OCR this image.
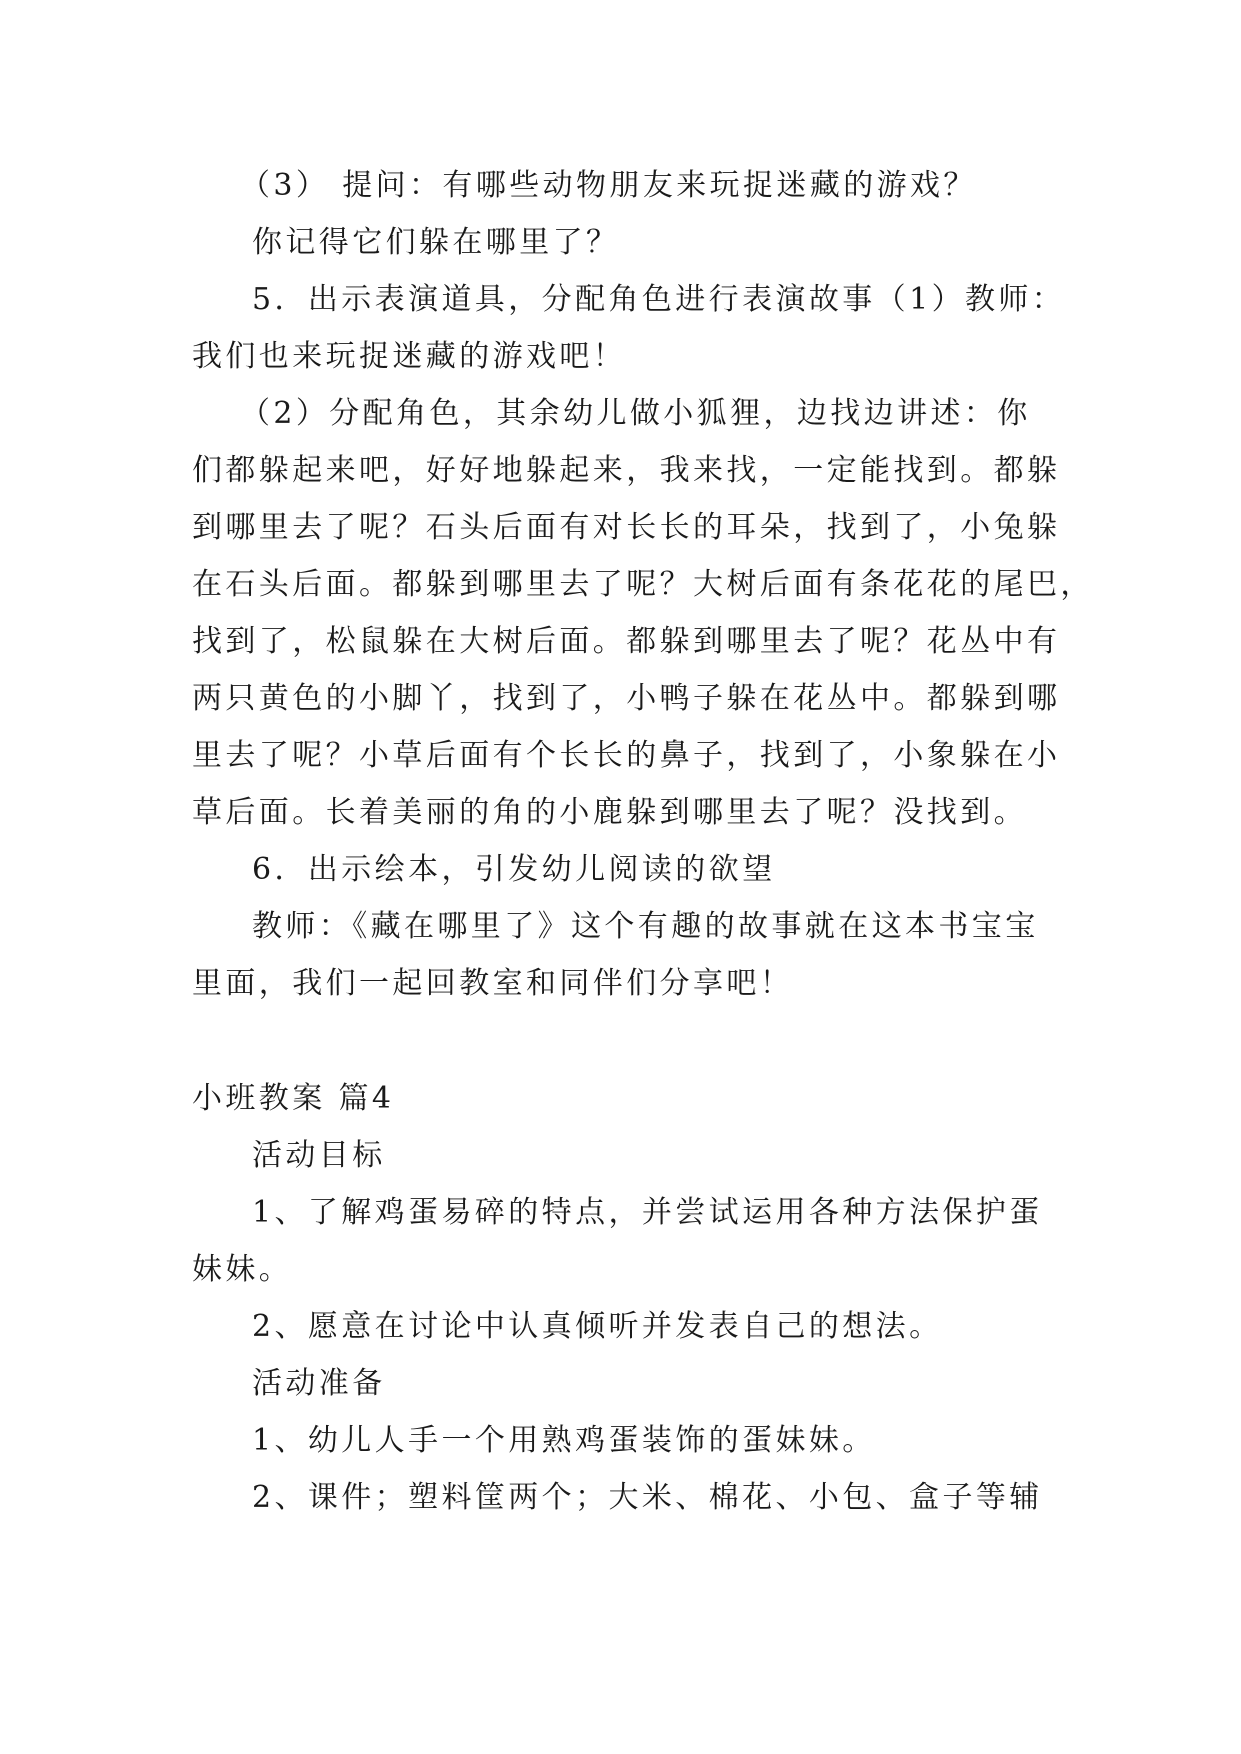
（3） 提问：有哪些动物朋友来玩捉迷藏的游戏？

你记得它们躲在哪里了？

5．出示表演道具，分配角色进行表演故事（1）教师：

我们也来玩捉迷藏的游戏吧！

（2）分配角色，其余幼儿做小狐狸，边找边讲述：你

们都躲起来吧，好好地躲起来，我来找，一定能找到。都躲

到哪里去了呢？石头后面有对长长的耳朵，找到了，小兔躲

在石头后面。都躲到哪里去了呢？大树后面有条花花的尾巴，

找到了，松鼠躲在大树后面。都躲到哪里去了呢？花丛中有

两只黄色的小脚丫，找到了，小鸭子躲在花丛中。都躲到哪

里去了呢？小草后面有个长长的鼻子，找到了，小象躲在小

草后面。长着美丽的角的小鹿躲到哪里去了呢？没找到。

6．出示绘本，引发幼儿阅读的欲望

教师：《藏在哪里了》这个有趣的故事就在这本书宝宝

里面，我们一起回教室和同伴们分享吧！

小班教案 篇4

活动目标

1、了解鸡蛋易碎的特点，并尝试运用各种方法保护蛋

妹妹。

2、愿意在讨论中认真倾听并发表自己的想法。

活动准备

1、幼儿人手一个用熟鸡蛋装饰的蛋妹妹。

2、课件；塑料筐两个；大米、棉花、小包、盒子等辅
